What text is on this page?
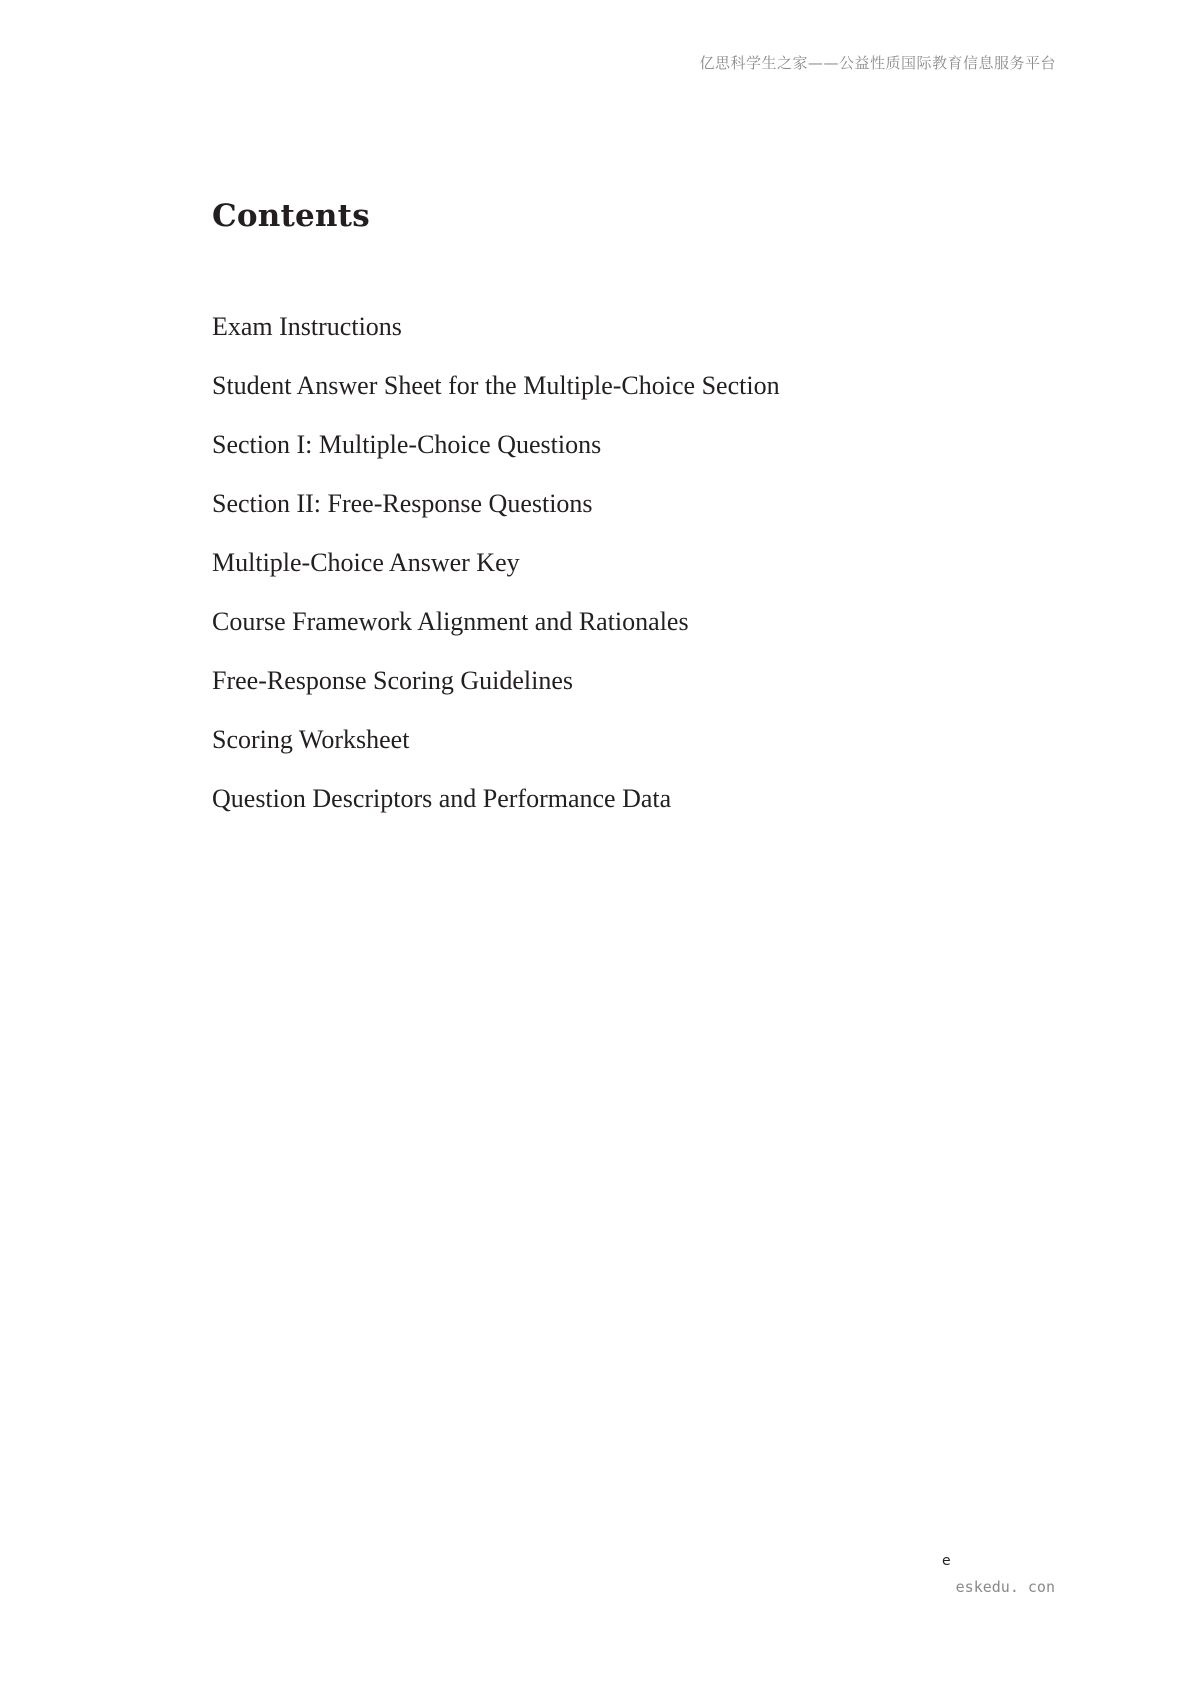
亿思科学生之家——公益性质国际教育信息服务平台
Contents
Exam Instructions
Student Answer Sheet for the Multiple-Choice Section
Section I: Multiple-Choice Questions
Section II: Free-Response Questions
Multiple-Choice Answer Key
Course Framework Alignment and Rationales
Free-Response Scoring Guidelines
Scoring Worksheet
Question Descriptors and Performance Data
e
eskedu. con
